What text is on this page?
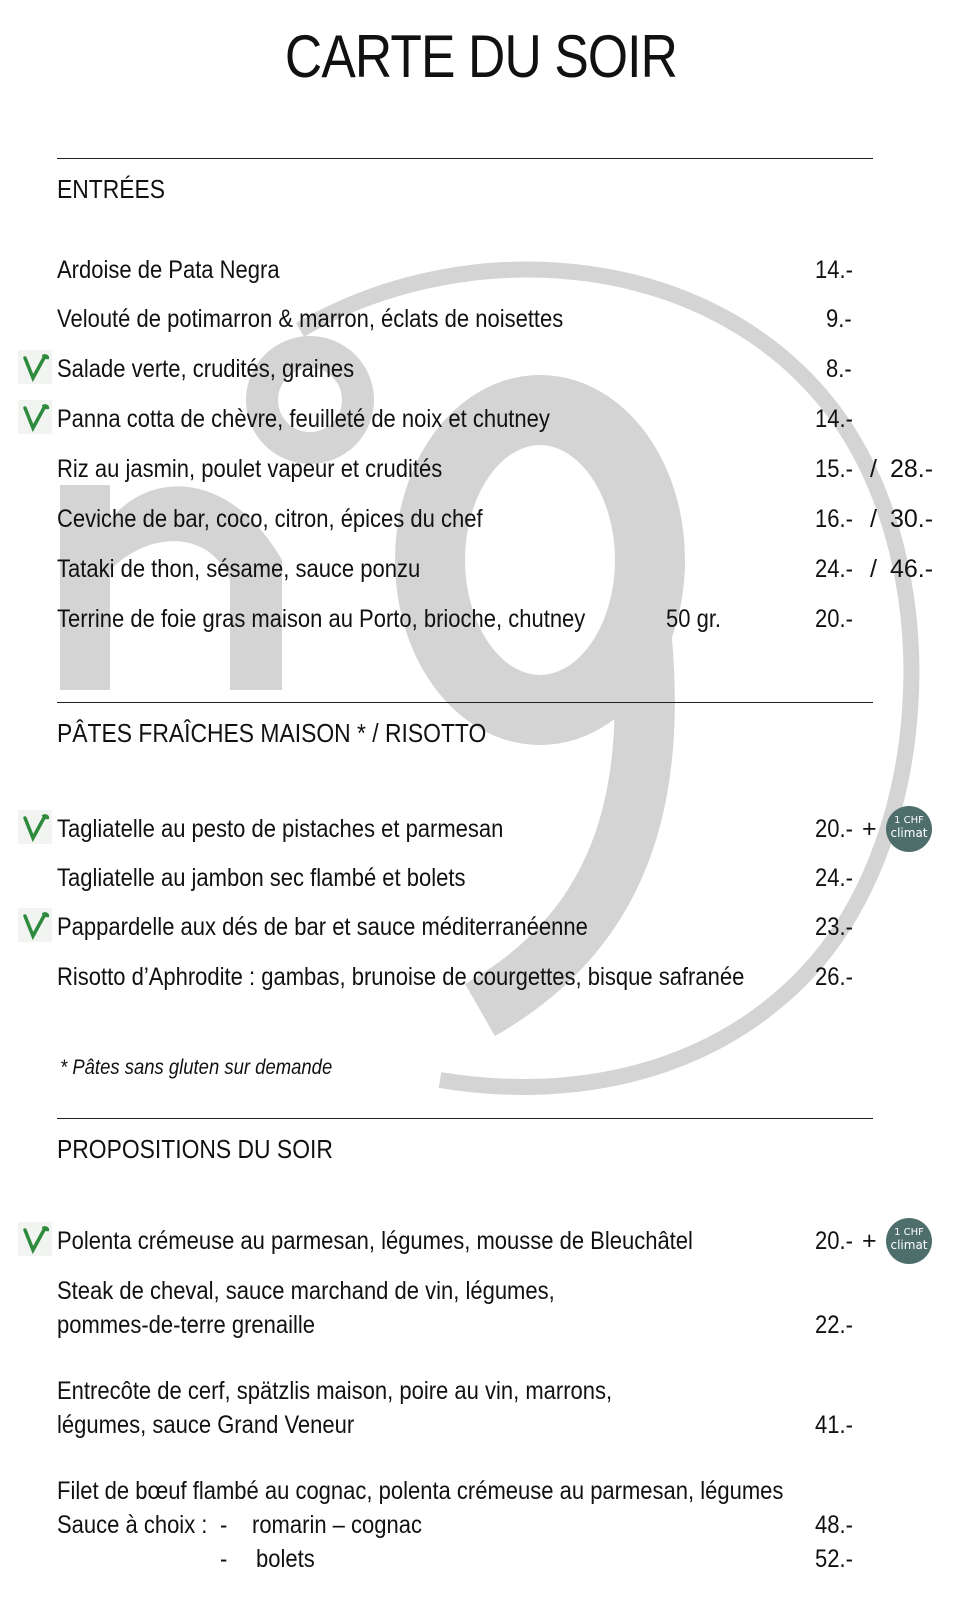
CARTE DU SOIR
ENTRÉES
Ardoise de Pata Negra	14.-
Velouté de potimarron & marron, éclats de noisettes	9.-
Salade verte, crudités, graines	8.-
Panna cotta de chèvre, feuilleté de noix et chutney	14.-
Riz au jasmin, poulet vapeur et crudités	15.- / 28.-
Ceviche de bar, coco, citron, épices du chef	16.- / 30.-
Tataki de thon, sésame, sauce ponzu	24.- / 46.-
Terrine de foie gras maison au Porto, brioche, chutney	50 gr.	20.-
PÂTES FRAÎCHES MAISON * / RISOTTO
Tagliatelle au pesto de pistaches et parmesan	20.- +	1 CHF
climat
Tagliatelle au jambon sec flambé et bolets	24.-
Pappardelle aux dés de bar et sauce méditerranéenne	23.-
Risotto d’Aphrodite : gambas, brunoise de courgettes, bisque safranée	26.-
* Pâtes sans gluten sur demande
PROPOSITIONS DU SOIR
Polenta crémeuse au parmesan, légumes, mousse de Bleuchâtel	20.- +	1 CHF
climat
Steak de cheval, sauce marchand de vin, légumes,
pommes-de-terre grenaille	22.-
Entrecôte de cerf, spätzlis maison, poire au vin, marrons,
légumes, sauce Grand Veneur	41.-
Filet de bœuf flambé au cognac, polenta crémeuse au parmesan, légumes
Sauce à choix : - romarin – cognac	48.-
- bolets	52.-
